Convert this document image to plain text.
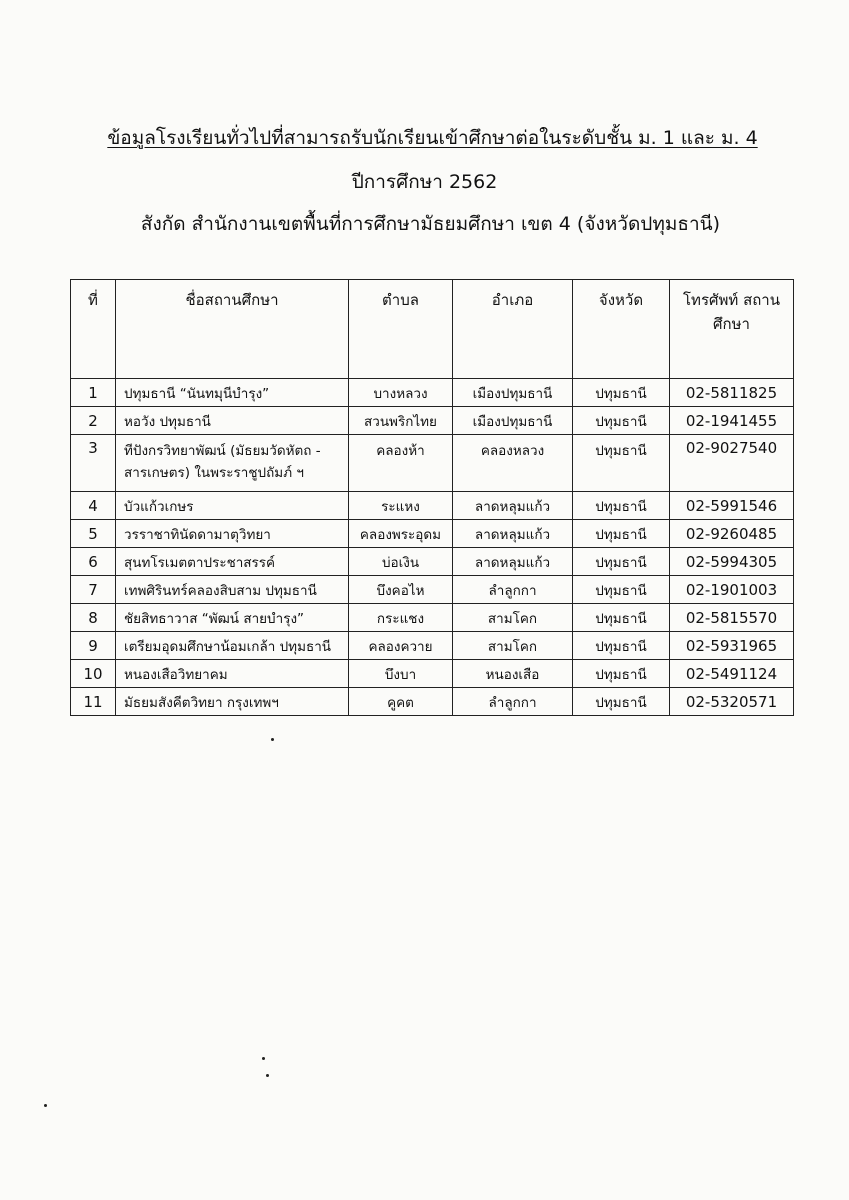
ข้อมูลโรงเรียนทั่วไปที่สามารถรับนักเรียนเข้าศึกษาต่อในระดับชั้น ม. 1 และ ม. 4
ปีการศึกษา 2562
สังกัด สำนักงานเขตพื้นที่การศึกษามัธยมศึกษา เขต 4 (จังหวัดปทุมธานี)
ที่	ชื่อสถานศึกษา	ตำบล	อำเภอ	จังหวัด	โทรศัพท์ สถานศึกษา
1	ปทุมธานี “นันทมุนีบำรุง”	บางหลวง	เมืองปทุมธานี	ปทุมธานี	02-5811825
2	หอวัง ปทุมธานี	สวนพริกไทย	เมืองปทุมธานี	ปทุมธานี	02-1941455
3	ทีปังกรวิทยาพัฒน์ (มัธยมวัดหัตถ - สารเกษตร) ในพระราชูปถัมภ์ ฯ	คลองห้า	คลองหลวง	ปทุมธานี	02-9027540
4	บัวแก้วเกษร	ระแหง	ลาดหลุมแก้ว	ปทุมธานี	02-5991546
5	วรราชาทินัดดามาตุวิทยา	คลองพระอุดม	ลาดหลุมแก้ว	ปทุมธานี	02-9260485
6	สุนทโรเมตตาประชาสรรค์	บ่อเงิน	ลาดหลุมแก้ว	ปทุมธานี	02-5994305
7	เทพศิรินทร์คลองสิบสาม ปทุมธานี	บึงคอไห	ลำลูกกา	ปทุมธานี	02-1901003
8	ชัยสิทธาวาส “พัฒน์ สายบำรุง”	กระแชง	สามโคก	ปทุมธานี	02-5815570
9	เตรียมอุดมศึกษาน้อมเกล้า ปทุมธานี	คลองควาย	สามโคก	ปทุมธานี	02-5931965
10	หนองเสือวิทยาคม	บึงบา	หนองเสือ	ปทุมธานี	02-5491124
11	มัธยมสังคีตวิทยา กรุงเทพฯ	คูคต	ลำลูกกา	ปทุมธานี	02-5320571
